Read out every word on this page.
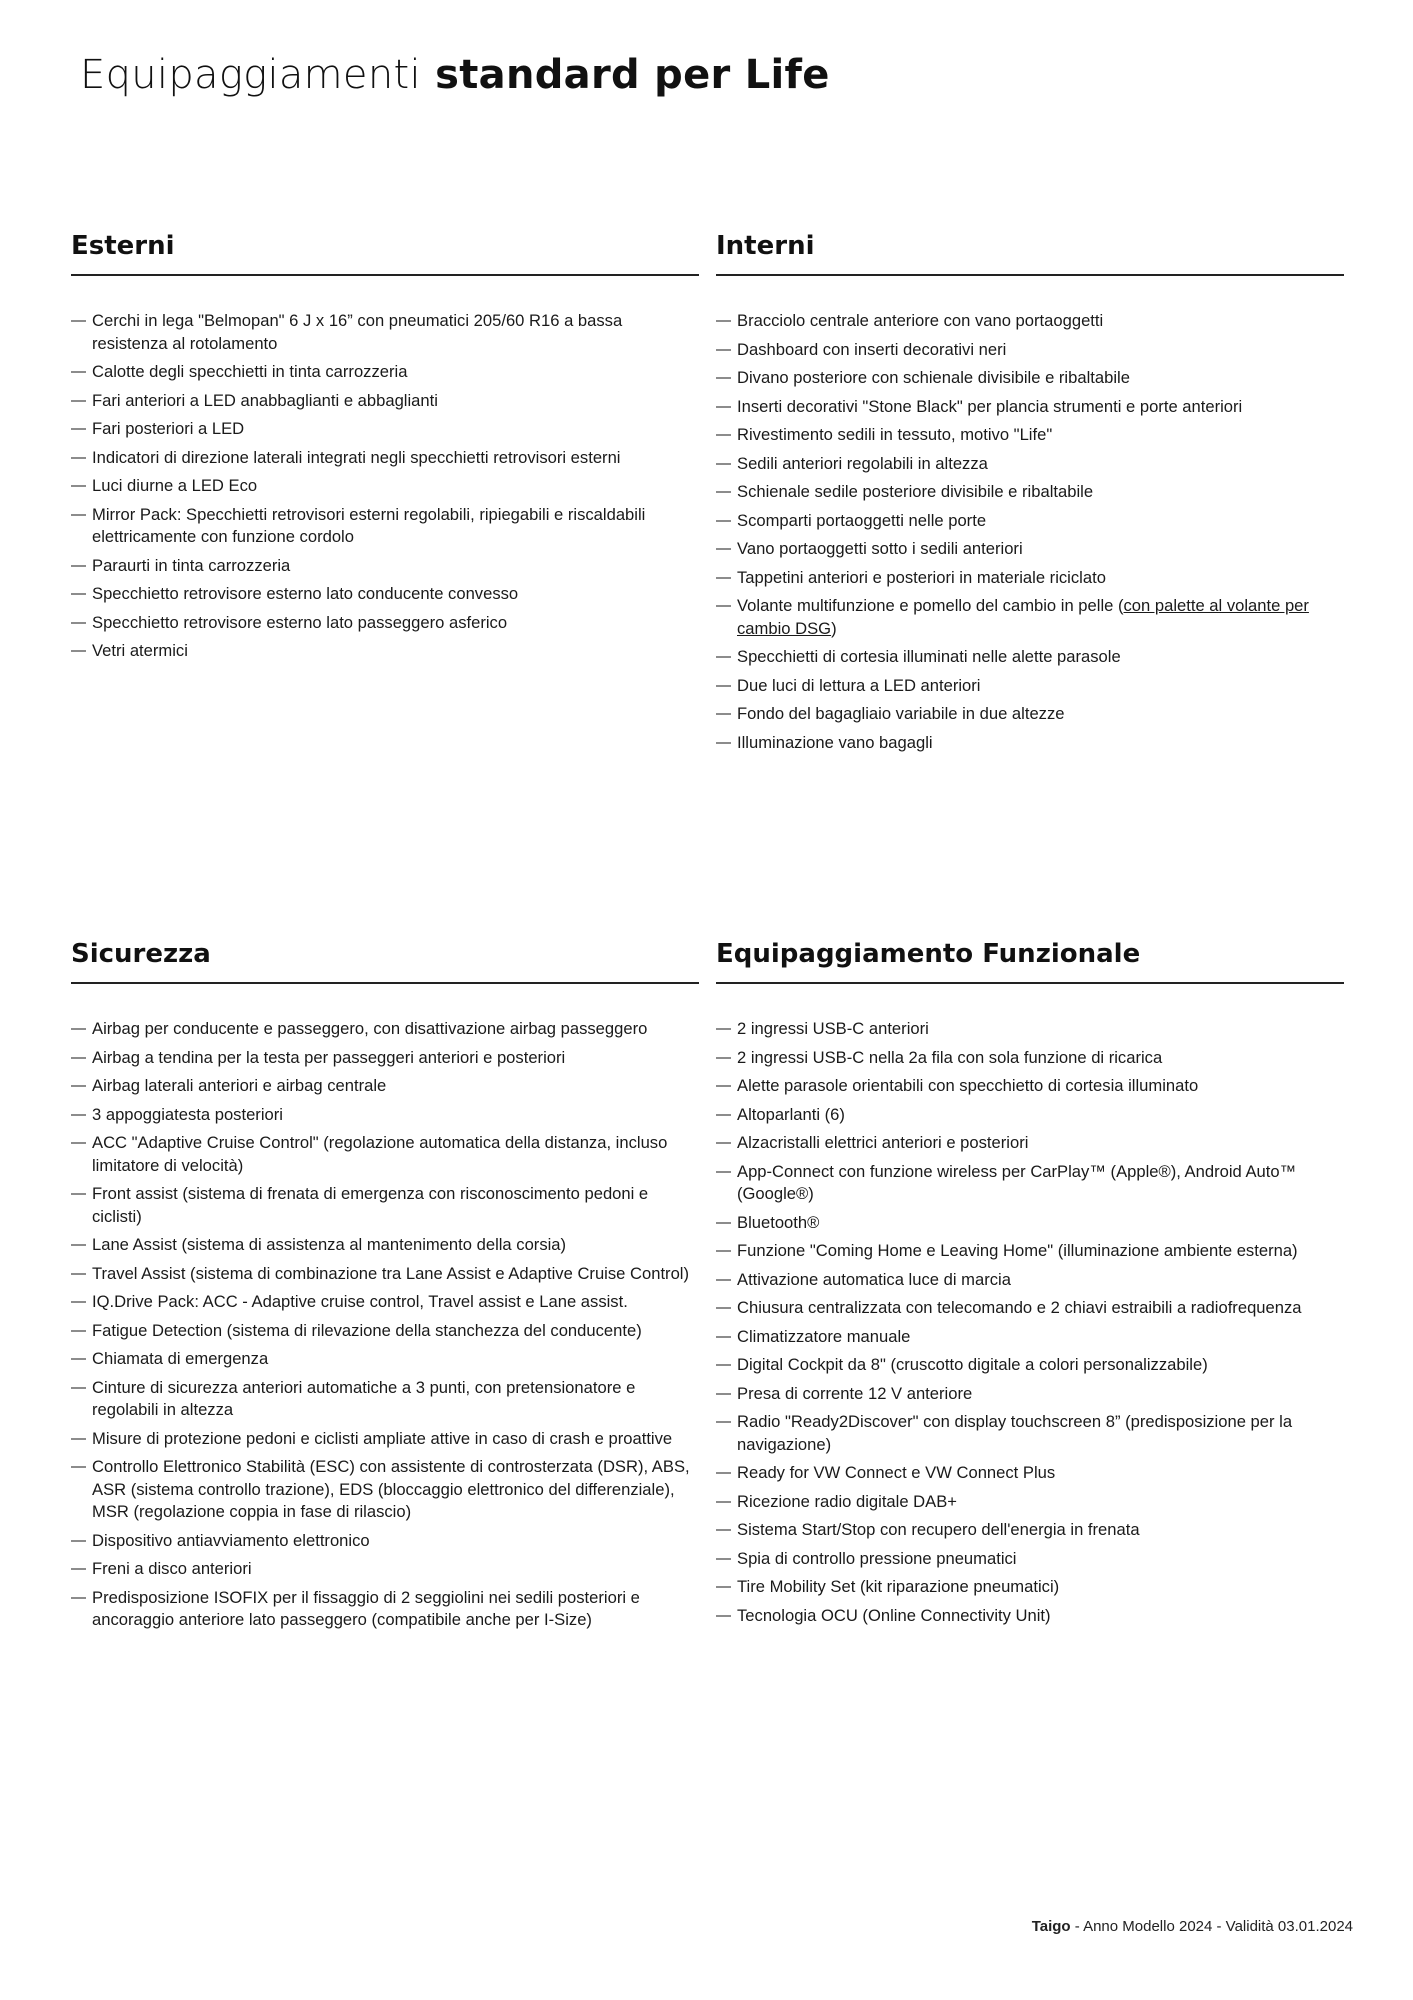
Equipaggiamenti standard per Life
Esterni
— Cerchi in lega "Belmopan" 6 J x 16” con pneumatici 205/60 R16 a bassa resistenza al rotolamento
— Calotte degli specchietti in tinta carrozzeria
— Fari anteriori a LED anabbaglianti e abbaglianti
— Fari posteriori a LED
— Indicatori di direzione laterali integrati negli specchietti retrovisori esterni
— Luci diurne a LED Eco
— Mirror Pack: Specchietti retrovisori esterni regolabili, ripiegabili e riscaldabili elettricamente con funzione cordolo
— Paraurti in tinta carrozzeria
— Specchietto retrovisore esterno lato conducente convesso
— Specchietto retrovisore esterno lato passeggero asferico
— Vetri atermici
Interni
— Bracciolo centrale anteriore con vano portaoggetti
— Dashboard con inserti decorativi neri
— Divano posteriore con schienale divisibile e ribaltabile
— Inserti decorativi "Stone Black" per plancia strumenti e porte anteriori
— Rivestimento sedili in tessuto, motivo "Life"
— Sedili anteriori regolabili in altezza
— Schienale sedile posteriore divisibile e ribaltabile
— Scomparti portaoggetti nelle porte
— Vano portaoggetti sotto i sedili anteriori
— Tappetini anteriori e posteriori in materiale riciclato
— Volante multifunzione e pomello del cambio in pelle (con palette al volante per cambio DSG)
— Specchietti di cortesia illuminati nelle alette parasole
— Due luci di lettura a LED anteriori
— Fondo del bagagliaio variabile in due altezze
— Illuminazione vano bagagli
Sicurezza
— Airbag per conducente e passeggero, con disattivazione airbag passeggero
— Airbag a tendina per la testa per passeggeri anteriori e posteriori
— Airbag laterali anteriori e airbag centrale
— 3 appoggiatesta posteriori
— ACC "Adaptive Cruise Control" (regolazione automatica della distanza, incluso limitatore di velocità)
— Front assist (sistema di frenata di emergenza con risconoscimento pedoni e ciclisti)
— Lane Assist (sistema di assistenza al mantenimento della corsia)
— Travel Assist (sistema di combinazione tra Lane Assist e Adaptive Cruise Control)
— IQ.Drive Pack: ACC - Adaptive cruise control, Travel assist e Lane assist.
— Fatigue Detection (sistema di rilevazione della stanchezza del conducente)
— Chiamata di emergenza
— Cinture di sicurezza anteriori automatiche a 3 punti, con pretensionatore e regolabili in altezza
— Misure di protezione pedoni e ciclisti ampliate attive in caso di crash e proattive
— Controllo Elettronico Stabilità (ESC) con assistente di controsterzata (DSR), ABS, ASR (sistema controllo trazione), EDS (bloccaggio elettronico del differenziale), MSR (regolazione coppia in fase di rilascio)
— Dispositivo antiavviamento elettronico
— Freni a disco anteriori
— Predisposizione ISOFIX per il fissaggio di 2 seggiolini nei sedili posteriori e ancoraggio anteriore lato passeggero (compatibile anche per I-Size)
Equipaggiamento Funzionale
— 2 ingressi USB-C anteriori
— 2 ingressi USB-C nella 2a fila con sola funzione di ricarica
— Alette parasole orientabili con specchietto di cortesia illuminato
— Altoparlanti (6)
— Alzacristalli elettrici anteriori e posteriori
— App-Connect con funzione wireless per CarPlay™ (Apple®), Android Auto™ (Google®)
— Bluetooth®
— Funzione "Coming Home e Leaving Home" (illuminazione ambiente esterna)
— Attivazione automatica luce di marcia
— Chiusura centralizzata con telecomando e 2 chiavi estraibili a radiofrequenza
— Climatizzatore manuale
— Digital Cockpit da 8" (cruscotto digitale a colori personalizzabile)
— Presa di corrente 12 V anteriore
— Radio "Ready2Discover" con display touchscreen 8” (predisposizione per la navigazione)
— Ready for VW Connect e VW Connect Plus
— Ricezione radio digitale DAB+
— Sistema Start/Stop con recupero dell'energia in frenata
— Spia di controllo pressione pneumatici
— Tire Mobility Set (kit riparazione pneumatici)
— Tecnologia OCU (Online Connectivity Unit)
Taigo - Anno Modello 2024 - Validità 03.01.2024
